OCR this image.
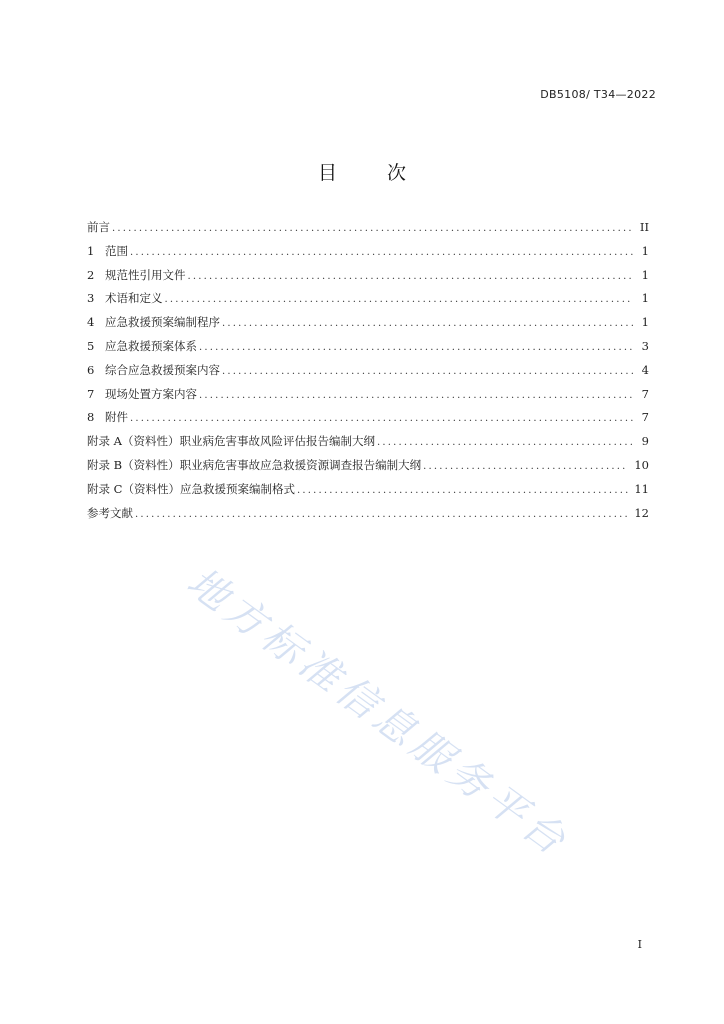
DB5108/ T34—2022
目 次
前言 .....	II
1 范围 .....	1
2 规范性引用文件 .....	1
3 术语和定义 .....	1
4 应急救援预案编制程序 .....	1
5 应急救援预案体系 .....	3
6 综合应急救援预案内容 .....	4
7 现场处置方案内容 .....	7
8 附件 .....	7
附录 A （资料性） 职业病危害事故风险评估报告编制大纲 .....	9
附录 B （资料性） 职业病危害事故应急救援资源调查报告编制大纲 .....	10
附录 C （资料性） 应急救援预案编制格式 .....	11
参考文献 .....	12
地方标准信息服务平台
I
